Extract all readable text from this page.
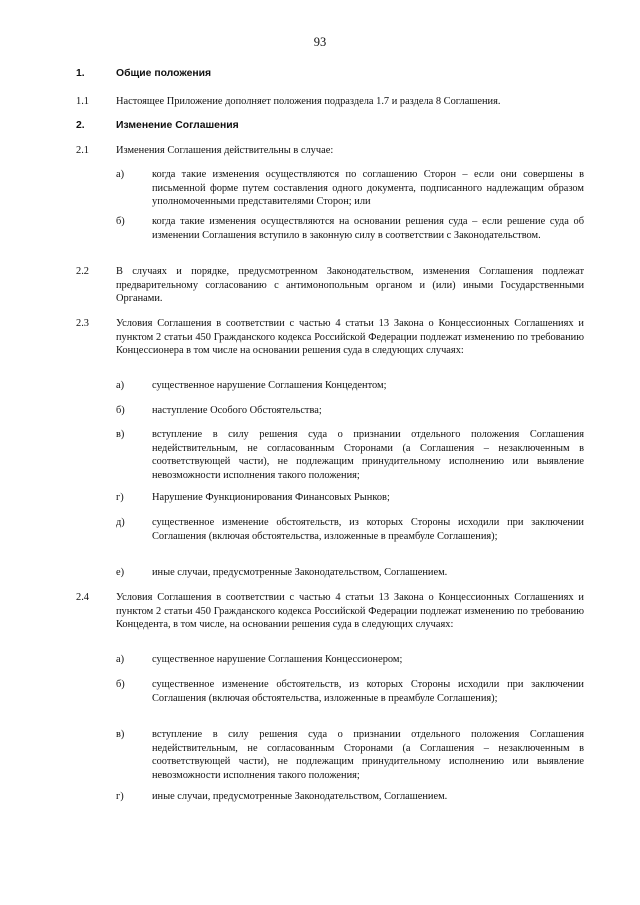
93
1.	Общие положения
1.1	Настоящее Приложение дополняет положения подраздела 1.7 и раздела 8 Соглашения.
2.	Изменение Соглашения
2.1	Изменения Соглашения действительны в случае:
а)	когда такие изменения осуществляются по соглашению Сторон – если они совершены в письменной форме путем составления одного документа, подписанного надлежащим образом уполномоченными представителями Сторон; или
б)	когда такие изменения осуществляются на основании решения суда – если решение суда об изменении Соглашения вступило в законную силу в соответствии с Законодательством.
2.2	В случаях и порядке, предусмотренном Законодательством, изменения Соглашения подлежат предварительному согласованию с антимонопольным органом и (или) иными Государственными Органами.
2.3	Условия Соглашения в соответствии с частью 4 статьи 13 Закона о Концессионных Соглашениях и пунктом 2 статьи 450 Гражданского кодекса Российской Федерации подлежат изменению по требованию Концессионера в том числе на основании решения суда в следующих случаях:
а)	существенное нарушение Соглашения Концедентом;
б)	наступление Особого Обстоятельства;
в)	вступление в силу решения суда о признании отдельного положения Соглашения недействительным, не согласованным Сторонами (а Соглашения – незаключенным в соответствующей части), не подлежащим принудительному исполнению или выявление невозможности исполнения такого положения;
г)	Нарушение Функционирования Финансовых Рынков;
д)	существенное изменение обстоятельств, из которых Стороны исходили при заключении Соглашения (включая обстоятельства, изложенные в преамбуле Соглашения);
е)	иные случаи, предусмотренные Законодательством, Соглашением.
2.4	Условия Соглашения в соответствии с частью 4 статьи 13 Закона о Концессионных Соглашениях и пунктом 2 статьи 450 Гражданского кодекса Российской Федерации подлежат изменению по требованию Концедента, в том числе, на основании решения суда в следующих случаях:
а)	существенное нарушение Соглашения Концессионером;
б)	существенное изменение обстоятельств, из которых Стороны исходили при заключении Соглашения (включая обстоятельства, изложенные в преамбуле Соглашения);
в)	вступление в силу решения суда о признании отдельного положения Соглашения недействительным, не согласованным Сторонами (а Соглашения – незаключенным в соответствующей части), не подлежащим принудительному исполнению или выявление невозможности исполнения такого положения;
г)	иные случаи, предусмотренные Законодательством, Соглашением.
